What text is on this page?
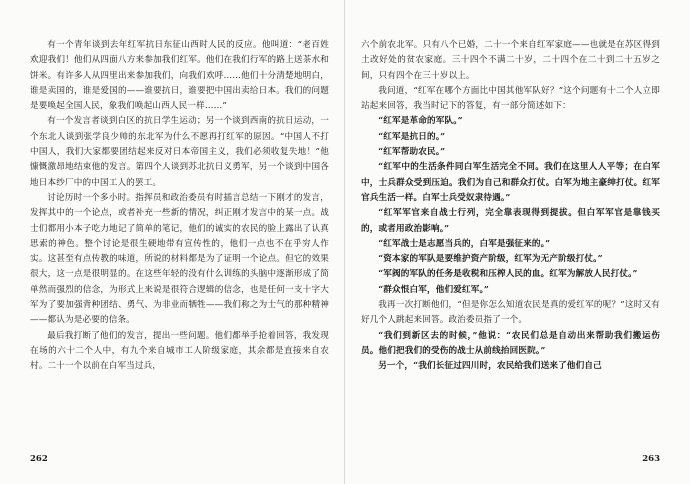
有一个青年谈到去年红军抗日东征山西时人民的反应。他叫道：“老百姓欢迎我们！他们从四面八方来参加我们红军。他们在我们行军的路上送茶水和饼米。有许多人从四里出来参加我们，向我们欢呼……他们十分清楚地明白，谁是卖国的，谁是爱国的——谁要抗日，谁要把中国出卖给日本。我们的问题是要唤起全国人民，象我们唤起山西人民一样……”

有一个发言者谈到白区的抗日学生运动；另一个谈到西南的抗日运动，一个东北人谈到张学良少帅的东北军为什么不愿再打红军的原因。“中国人不打中国人，我们大家都要团结起来反对日本帝国主义，我们必须收复失地！”他慷慨激昂地结束他的发言。第四个人谈到苏北抗日义勇军，另一个谈到中国各地日本纱厂中的中国工人的罢工。

讨论历时一个多小时。指挥员和政治委员有时插言总结一下刚才的发言，发挥其中的一个论点，或者补充一些新的情况，纠正刚才发言中的某一点。战士们都用小本子吃力地记了简单的笔记，他们的诚实的农民的脸上露出了认真思索的神色。整个讨论是很生硬地带有宣传性的，他们一点也不在乎穷人作实。这甚至有点传教的味道，所说的材料都是为了证明一个论点。但它的效果很大，这一点是很明显的。在这些年轻的没有什么训练的头脑中逐渐形成了简单然而强烈的信念，为形式上来说是很符合逻辑的信念，也是任何一支十字大军为了要加强背种团结、勇气、为非业而牺牲——我们称之为士气的那种精神——都认为是必要的信条。

最后我打断了他们的发言，提出一些问题。他们都举手抢着回答，我发现在场的六十二个人中，有九个来自城市工人阶级家庭，其余都是直接来自农村。二十一个以前在白军当过兵，

262

六个前农北军。只有八个已婚，二十一个来自红军家庭——也就是在苏区得到土改好处的贫农家庭。三十四个不满二十岁，二十四个在二十到二十五岁之间，只有四个在三十岁以上。

我问道，“红军在哪个方面比中国其他军队好？”这个问题有十二个人立即站起来回答，我当时记下的答复，有一部分简述如下：

“红军是革命的军队。”

“红军是抗日的。”

“红军帮助农民。”

“红军中的生活条件同白军生活完全不同。我们在这里人人平等；在白军中，士兵群众受到压迫。我们为自己和群众打仗。白军为地主豪绅打仗。红军官兵生活一样。白军士兵受奴隶待遇。”

“红军军官来自战士行列，完全靠表现得到提拔。但白军军官是靠钱买的，或者用政治影响。”

“红军战士是志愿当兵的，白军是强征来的。”

“资本家的军队是要维护资产阶级，红军为无产阶级打仗。”

“军阀的军队的任务是收税和压榨人民的血。红军为解放人民打仗。”

“群众恨白军，他们爱红军。”

我再一次打断他们，“但是你怎么知道农民是真的爱红军的呢？”这时又有好几个人跳起来回答。政治委员指了一个。

“我们到新区去的时候，”他说：“农民们总是自动出来帮助我们搬运伤员。他们把我们的受伤的战士从前线抬回医院。”

另一个，“我们长征过四川时，农民给我们送来了他们自己

263
